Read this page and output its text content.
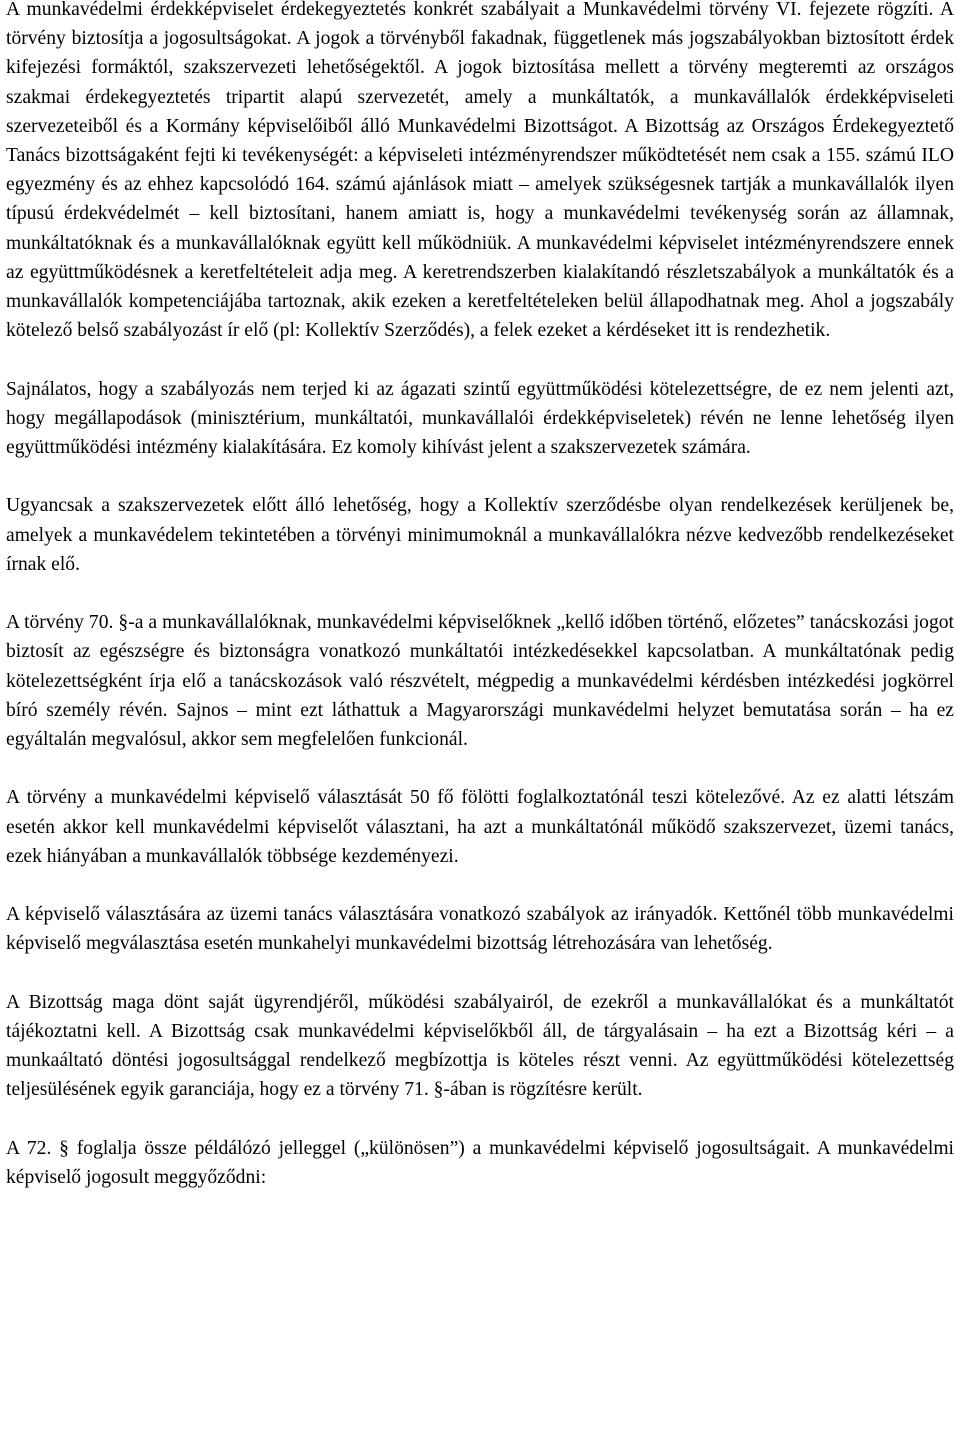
A munkavédelmi érdekképviselet érdekegyeztetés konkrét szabályait a Munkavédelmi törvény VI. fejezete rögzíti. A törvény biztosítja a jogosultságokat. A jogok a törvényből fakadnak, függetlenek más jogszabályokban biztosított érdek kifejezési formáktól, szakszervezeti lehetőségektől. A jogok biztosítása mellett a törvény megteremti az országos szakmai érdekegyeztetés tripartit alapú szervezetét, amely a munkáltatók, a munkavállalók érdekképviseleti szervezeteiből és a Kormány képviselőiből álló Munkavédelmi Bizottságot. A Bizottság az Országos Érdekegyeztető Tanács bizottságaként fejti ki tevékenységét: a képviseleti intézményrendszer működtetését nem csak a 155. számú ILO egyezmény és az ehhez kapcsolódó 164. számú ajánlások miatt – amelyek szükségesnek tartják a munkavállalók ilyen típusú érdekvédelmét – kell biztosítani, hanem amiatt is, hogy a munkavédelmi tevékenység során az államnak, munkáltatóknak és a munkavállalóknak együtt kell működniük. A munkavédelmi képviselet intézményrendszere ennek az együttműködésnek a keretfeltételeit adja meg. A keretrendszerben kialakítandó részletszabályok a munkáltatók és a munkavállalók kompetenciájába tartoznak, akik ezeken a keretfeltételeken belül állapodhatnak meg. Ahol a jogszabály kötelező belső szabályozást ír elő (pl: Kollektív Szerződés), a felek ezeket a kérdéseket itt is rendezhetik.

Sajnálatos, hogy a szabályozás nem terjed ki az ágazati szintű együttműködési kötelezettségre, de ez nem jelenti azt, hogy megállapodások (minisztérium, munkáltatói, munkavállalói érdekképviseletek) révén ne lenne lehetőség ilyen együttműködési intézmény kialakítására. Ez komoly kihívást jelent a szakszervezetek számára.

Ugyancsak a szakszervezetek előtt álló lehetőség, hogy a Kollektív szerződésbe olyan rendelkezések kerüljenek be, amelyek a munkavédelem tekintetében a törvényi minimumoknál a munkavállalókra nézve kedvezőbb rendelkezéseket írnak elő.

A törvény 70. §-a a munkavállalóknak, munkavédelmi képviselőknek „kellő időben történő, előzetes” tanácskozási jogot biztosít az egészségre és biztonságra vonatkozó munkáltatói intézkedésekkel kapcsolatban. A munkáltatónak pedig kötelezettségként írja elő a tanácskozások való részvételt, mégpedig a munkavédelmi kérdésben intézkedési jogkörrel bíró személy révén. Sajnos – mint ezt láthattuk a Magyarországi munkavédelmi helyzet bemutatása során – ha ez egyáltalán megvalósul, akkor sem megfelelően funkcionál.

A törvény a munkavédelmi képviselő választását 50 fő fölötti foglalkoztatónál teszi kötelezővé. Az ez alatti létszám esetén akkor kell munkavédelmi képviselőt választani, ha azt a munkáltatónál működő szakszervezet, üzemi tanács, ezek hiányában a munkavállalók többsége kezdeményezi.

A képviselő választására az üzemi tanács választására vonatkozó szabályok az irányadók. Kettőnél több munkavédelmi képviselő megválasztása esetén munkahelyi munkavédelmi bizottság létrehozására van lehetőség.

A Bizottság maga dönt saját ügyrendjéről, működési szabályairól, de ezekről a munkavállalókat és a munkáltatót tájékoztatni kell. A Bizottság csak munkavédelmi képviselőkből áll, de tárgyalásain – ha ezt a Bizottság kéri – a munkaáltató döntési jogosultsággal rendelkező megbízottja is köteles részt venni. Az együttműködési kötelezettség teljesülésének egyik garanciája, hogy ez a törvény 71. §-ában is rögzítésre került.

A 72. § foglalja össze példálózó jelleggel („különösen”) a munkavédelmi képviselő jogosultságait. A munkavédelmi képviselő jogosult meggyőződni:
